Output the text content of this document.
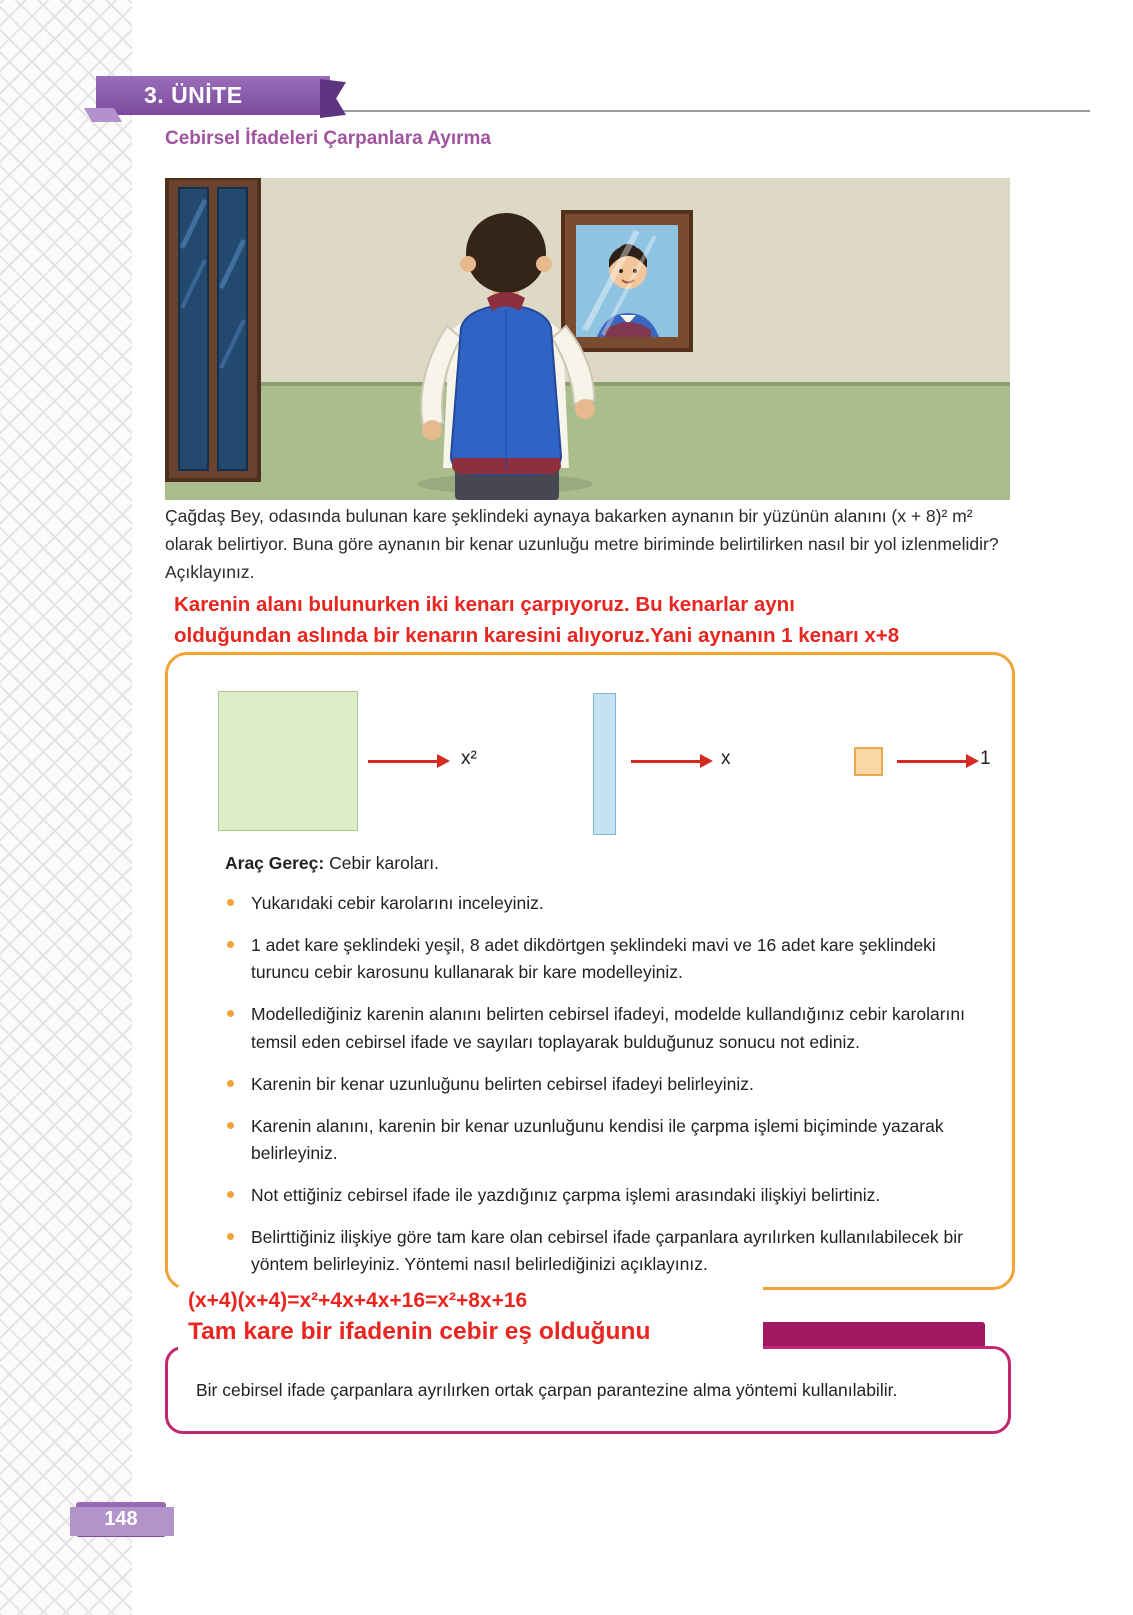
3. ÜNİTE
Cebirsel İfadeleri Çarpanlara Ayırma

Çağdaş Bey, odasında bulunan kare şeklindeki aynaya bakarken aynanın bir yüzünün alanını (x + 8)² m² olarak belirtiyor. Buna göre aynanın bir kenar uzunluğu metre biriminde belirtilirken nasıl bir yol izlenmelidir? Açıklayınız.

Karenin alanı bulunurken iki kenarı çarpıyoruz. Bu kenarlar aynı
olduğundan aslında bir kenarın karesini alıyoruz.Yani aynanın 1 kenarı x+8
x²	x	1

Araç Gereç: Cebir karoları.

Yukarıdaki cebir karolarını inceleyiniz.
1 adet kare şeklindeki yeşil, 8 adet dikdörtgen şeklindeki mavi ve 16 adet kare şeklindeki turuncu cebir karosunu kullanarak bir kare modelleyiniz.
Modellediğiniz karenin alanını belirten cebirsel ifadeyi, modelde kullandığınız cebir karolarını temsil eden cebirsel ifade ve sayıları toplayarak bulduğunuz sonucu not ediniz.
Karenin bir kenar uzunluğunu belirten cebirsel ifadeyi belirleyiniz.
Karenin alanını, karenin bir kenar uzunluğunu kendisi ile çarpma işlemi biçiminde yazarak belirleyiniz.
Not ettiğiniz cebirsel ifade ile yazdığınız çarpma işlemi arasındaki ilişkiyi belirtiniz.
Belirttiğiniz ilişkiye göre tam kare olan cebirsel ifade çarpanlara ayrılırken kullanılabilecek bir yöntem belirleyiniz. Yöntemi nasıl belirlediğinizi açıklayınız.
(x+4)(x+4)=x²+4x+4x+16=x²+8x+16
Tam kare bir ifadenin cebir eş olduğunu

Bir cebirsel ifade çarpanlara ayrılırken ortak çarpan parantezine alma yöntemi kullanılabilir.

148
